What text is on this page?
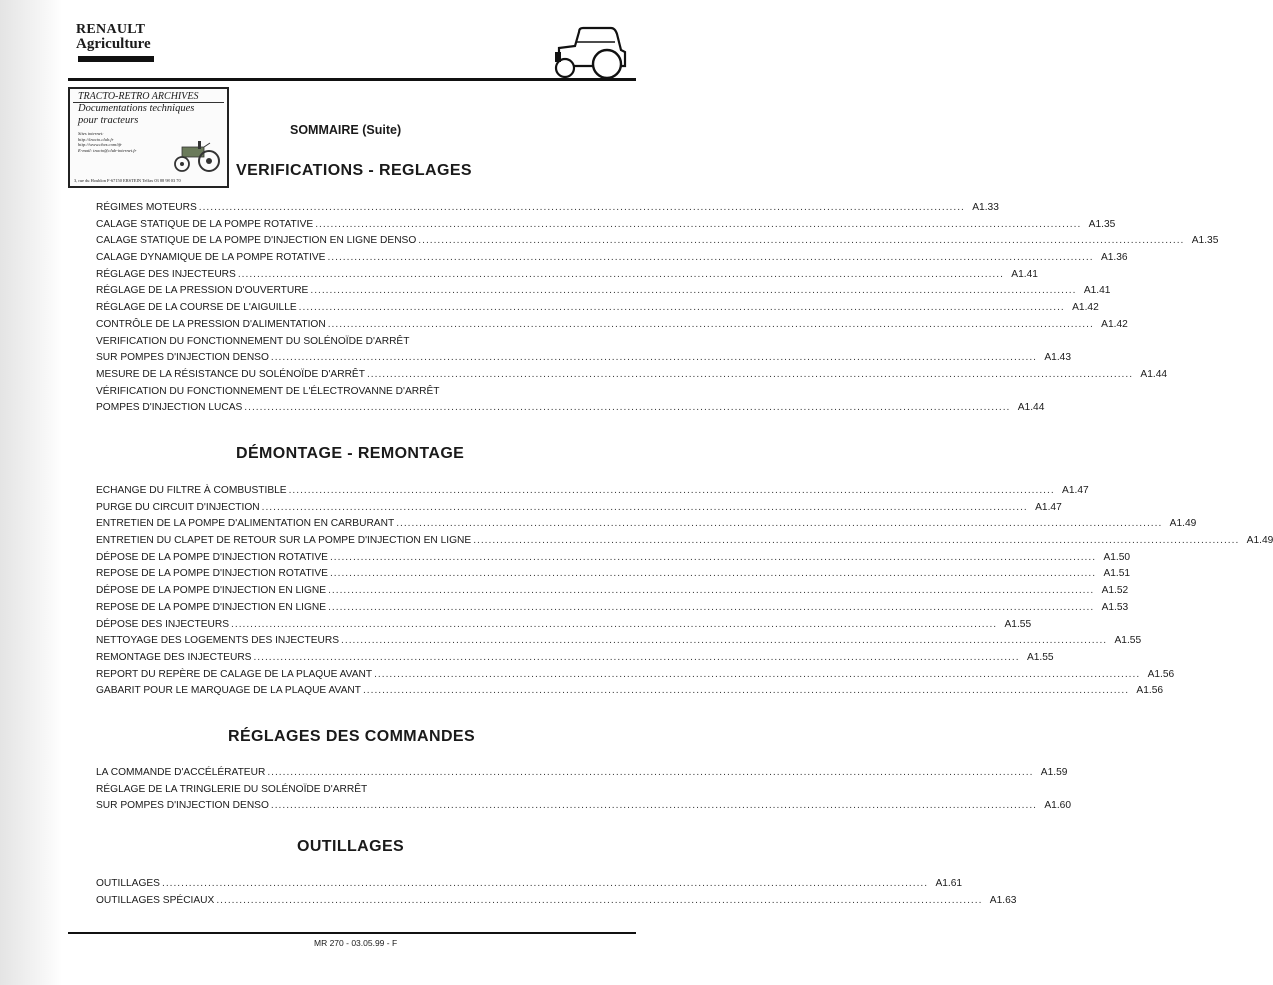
RENAULT
Agriculture
TRACTO-RETRO ARCHIVES
Documentations techniques
pour tracteurs
Sites internet:
http://tracto.club.fr
http://www.chez.com/tfr
E-mail: tracto@club-internet.fr
3, rue du Houblon F-67150 ERSTEIN Telfax 03 88 98 03 70
SOMMAIRE (Suite)
VERIFICATIONS - REGLAGES
RÉGIMES MOTEURS ........................................................................................................................................................................................................ A1.33
CALAGE STATIQUE DE LA POMPE ROTATIVE ........................................................................................................................................................................................................ A1.35
CALAGE STATIQUE DE LA POMPE D'INJECTION EN LIGNE DENSO ........................................................................................................................................................................................................ A1.35
CALAGE DYNAMIQUE DE LA POMPE ROTATIVE ........................................................................................................................................................................................................ A1.36
RÉGLAGE DES INJECTEURS ........................................................................................................................................................................................................ A1.41
RÉGLAGE DE LA PRESSION D'OUVERTURE ........................................................................................................................................................................................................ A1.41
RÉGLAGE DE LA COURSE DE L'AIGUILLE ........................................................................................................................................................................................................ A1.42
CONTRÔLE DE LA PRESSION D'ALIMENTATION ........................................................................................................................................................................................................ A1.42
VERIFICATION DU FONCTIONNEMENT DU SOLÉNOÏDE D'ARRÊT
SUR POMPES D'INJECTION DENSO ........................................................................................................................................................................................................ A1.43
MESURE DE LA RÉSISTANCE DU SOLÉNOÏDE D'ARRÊT ........................................................................................................................................................................................................ A1.44
VÉRIFICATION DU FONCTIONNEMENT DE L'ÉLECTROVANNE D'ARRÊT
POMPES D'INJECTION LUCAS ........................................................................................................................................................................................................ A1.44
DÉMONTAGE - REMONTAGE
ECHANGE DU FILTRE À COMBUSTIBLE ........................................................................................................................................................................................................ A1.47
PURGE DU CIRCUIT D'INJECTION ........................................................................................................................................................................................................ A1.47
ENTRETIEN DE LA POMPE D'ALIMENTATION EN CARBURANT ........................................................................................................................................................................................................ A1.49
ENTRETIEN DU CLAPET DE RETOUR SUR LA POMPE D'INJECTION EN LIGNE ........................................................................................................................................................................................................ A1.49
DÉPOSE DE LA POMPE D'INJECTION ROTATIVE ........................................................................................................................................................................................................ A1.50
REPOSE DE LA POMPE D'INJECTION ROTATIVE ........................................................................................................................................................................................................ A1.51
DÉPOSE DE LA POMPE D'INJECTION EN LIGNE ........................................................................................................................................................................................................ A1.52
REPOSE DE LA POMPE D'INJECTION EN LIGNE ........................................................................................................................................................................................................ A1.53
DÉPOSE DES INJECTEURS ........................................................................................................................................................................................................ A1.55
NETTOYAGE DES LOGEMENTS DES INJECTEURS ........................................................................................................................................................................................................ A1.55
REMONTAGE DES INJECTEURS ........................................................................................................................................................................................................ A1.55
REPORT DU REPÈRE DE CALAGE DE LA PLAQUE AVANT ........................................................................................................................................................................................................ A1.56
GABARIT POUR LE MARQUAGE DE LA PLAQUE AVANT ........................................................................................................................................................................................................ A1.56
RÉGLAGES DES COMMANDES
LA COMMANDE D'ACCÉLÉRATEUR ........................................................................................................................................................................................................ A1.59
RÉGLAGE DE LA TRINGLERIE DU SOLÉNOÏDE D'ARRÊT
SUR POMPES D'INJECTION DENSO ........................................................................................................................................................................................................ A1.60
OUTILLAGES
OUTILLAGES ........................................................................................................................................................................................................ A1.61
OUTILLAGES SPÉCIAUX ........................................................................................................................................................................................................ A1.63
MR 270 - 03.05.99 - F
